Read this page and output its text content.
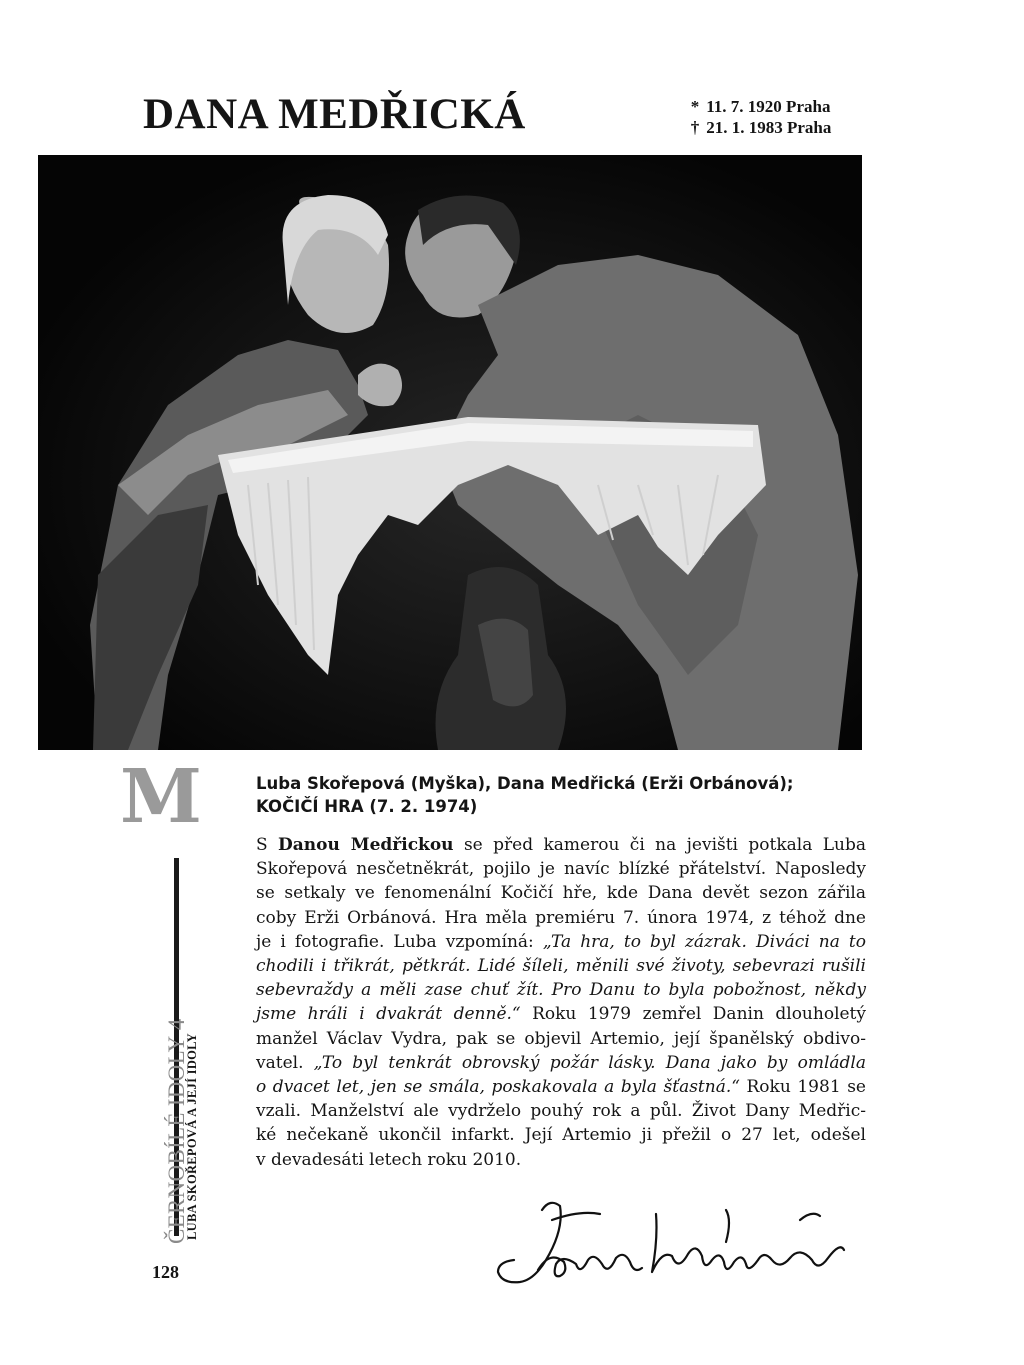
DANA MEDŘICKÁ	* 11. 7. 1920 Praha
† 21. 1. 1983 Praha
M
ČERNOBÍLÉ IDOLY 4
LUBA SKOŘEPOVÁ A JEJÍ IDOLY
128
Luba Skořepová (Myška), Dana Medřická (Erži Orbánová);
KOČIČÍ HRA (7. 2. 1974)
S Danou Medřickou se před kamerou či na jevišti potkala Luba
Skořepová nesčetněkrát, pojilo je navíc blízké přátelství. Naposledy
se setkaly ve fenomenální Kočičí hře, kde Dana devět sezon zářila
coby Erži Orbánová. Hra měla premiéru 7. února 1974, z téhož dne
je i fotografie. Luba vzpomíná: „Ta hra, to byl zázrak. Diváci na to
chodili i třikrát, pětkrát. Lidé šíleli, měnili své životy, sebevrazi rušili
sebevraždy a měli zase chuť žít. Pro Danu to byla pobožnost, někdy
jsme hráli i dvakrát denně.“ Roku 1979 zemřel Danin dlouholetý
manžel Václav Vydra, pak se objevil Artemio, její španělský obdivo-
vatel. „To byl tenkrát obrovský požár lásky. Dana jako by omládla
o dvacet let, jen se smála, poskakovala a byla šťastná.“ Roku 1981 se
vzali. Manželství ale vydrželo pouhý rok a půl. Život Dany Medřic-
ké nečekaně ukončil infarkt. Její Artemio ji přežil o 27 let, odešel
v devadesáti letech roku 2010.
